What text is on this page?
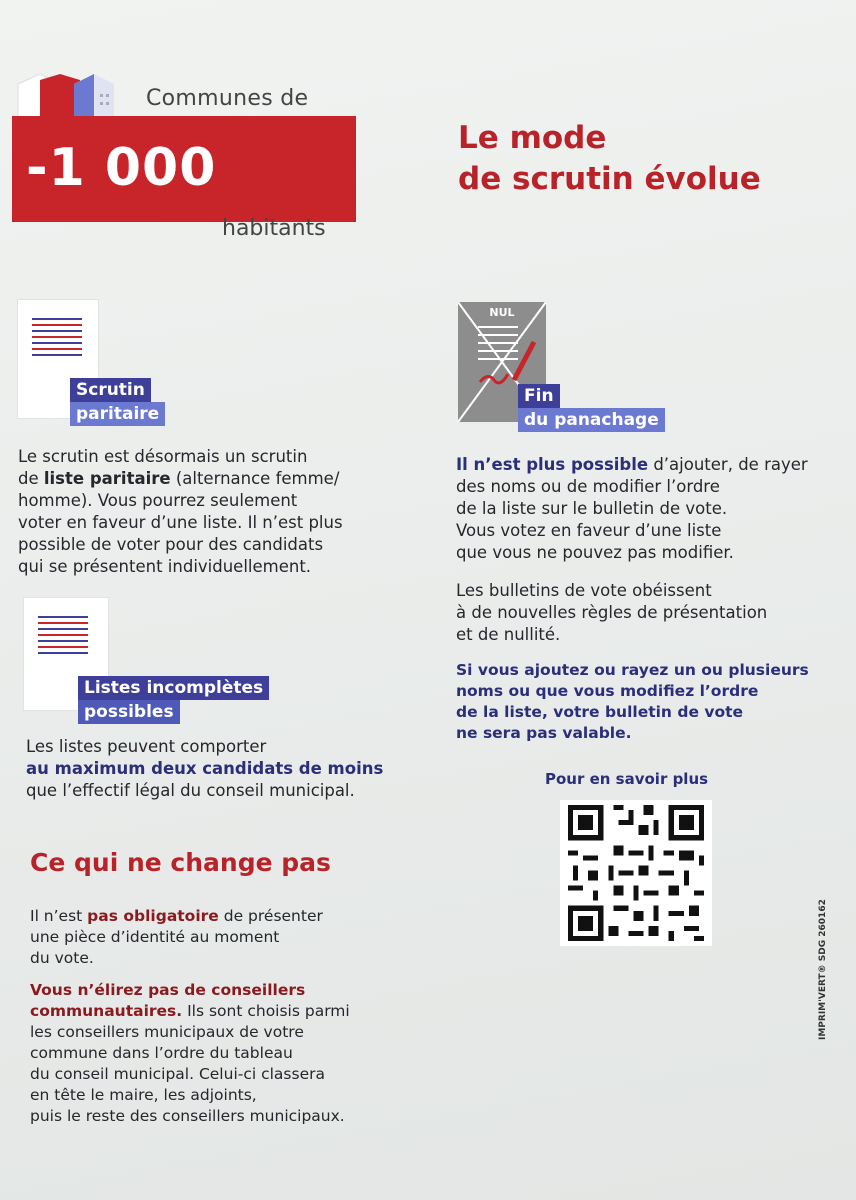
Communes de
-1 000
habitants
Le mode
de scrutin évolue
Scrutin
paritaire
Le scrutin est désormais un scrutin
de liste paritaire (alternance femme/
homme). Vous pourrez seulement
voter en faveur d’une liste. Il n’est plus
possible de voter pour des candidats
qui se présentent individuellement.
Listes incomplètes
possibles
Les listes peuvent comporter
au maximum deux candidats de moins
que l’effectif légal du conseil municipal.
Ce qui ne change pas
Il n’est pas obligatoire de présenter
une pièce d’identité au moment
du vote.
Vous n’élirez pas de conseillers
communautaires. Ils sont choisis parmi
les conseillers municipaux de votre
commune dans l’ordre du tableau
du conseil municipal. Celui-ci classera
en tête le maire, les adjoints,
puis le reste des conseillers municipaux.
NUL
Fin
du panachage
Il n’est plus possible d’ajouter, de rayer
des noms ou de modifier l’ordre
de la liste sur le bulletin de vote.
Vous votez en faveur d’une liste
que vous ne pouvez pas modifier.
Les bulletins de vote obéissent
à de nouvelles règles de présentation
et de nullité.
Si vous ajoutez ou rayez un ou plusieurs
noms ou que vous modifiez l’ordre
de la liste, votre bulletin de vote
ne sera pas valable.
Pour en savoir plus
IMPRIM'VERT® SDG 260162
